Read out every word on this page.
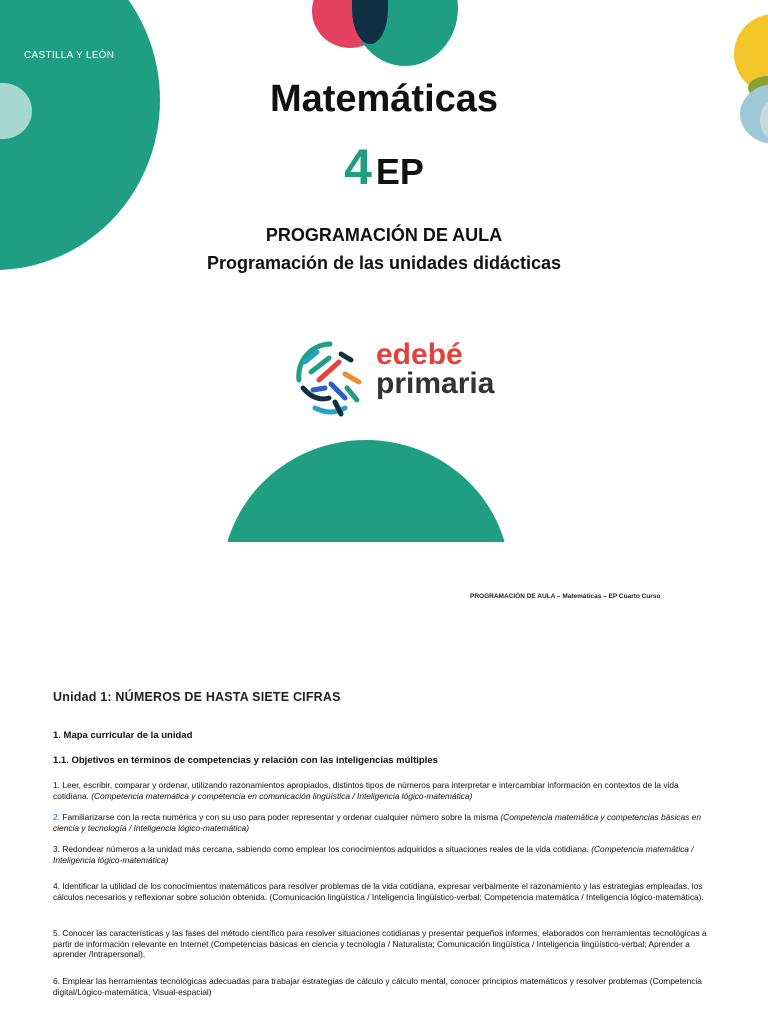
CASTILLA Y LEÓN
Matemáticas
4 EP
PROGRAMACIÓN DE AULA
Programación de las unidades didácticas
edebé
primaria
PROGRAMACIÓN DE AULA – Matemáticas – EP Cuarto Curso
Unidad 1: NÚMEROS DE HASTA SIETE CIFRAS
1. Mapa curricular de la unidad
1.1. Objetivos en términos de competencias y relación con las inteligencias múltiples
1. Leer, escribir, comparar y ordenar, utilizando razonamientos apropiados, distintos tipos de números para interpretar e intercambiar información en contextos de la vida cotidiana. (Competencia matemática y competencia en comunicación lingüística / Inteligencia lógico-matemática)
2. Familiarizarse con la recta numérica y con su uso para poder representar y ordenar cualquier número sobre la misma (Competencia matemática y competencias básicas en ciencia y tecnología / Inteligencia lógico-matemática)
3. Redondear números a la unidad más cercana, sabiendo como emplear los conocimientos adquiridos a situaciones reales de la vida cotidiana. (Competencia matemática / Inteligencia lógico-matemática)
4. Identificar la utilidad de los conocimientos matemáticos para resolver problemas de la vida cotidiana, expresar verbalmente el razonamiento y las estrategias empleadas, los cálculos necesarios y reflexionar sobre solución obtenida. (Comunicación lingüística / Inteligencia lingüístico-verbal; Competencia matemática / Inteligencia lógico-matemática).
5. Conocer las características y las fases del método científico para resolver situaciones cotidianas y presentar pequeños informes, elaborados con herramientas tecnológicas a partir de información relevante en Internet (Competencias básicas en ciencia y tecnología / Naturalista; Comunicación lingüística / Inteligencia lingüístico-verbal; Aprender a aprender /Intrapersonal).
6. Emplear las herramientas tecnológicas adecuadas para trabajar estrategias de cálculo y cálculo mental, conocer principios matemáticos y resolver problemas (Competencia digital/Lógico-matemática, Visual-espacial)
